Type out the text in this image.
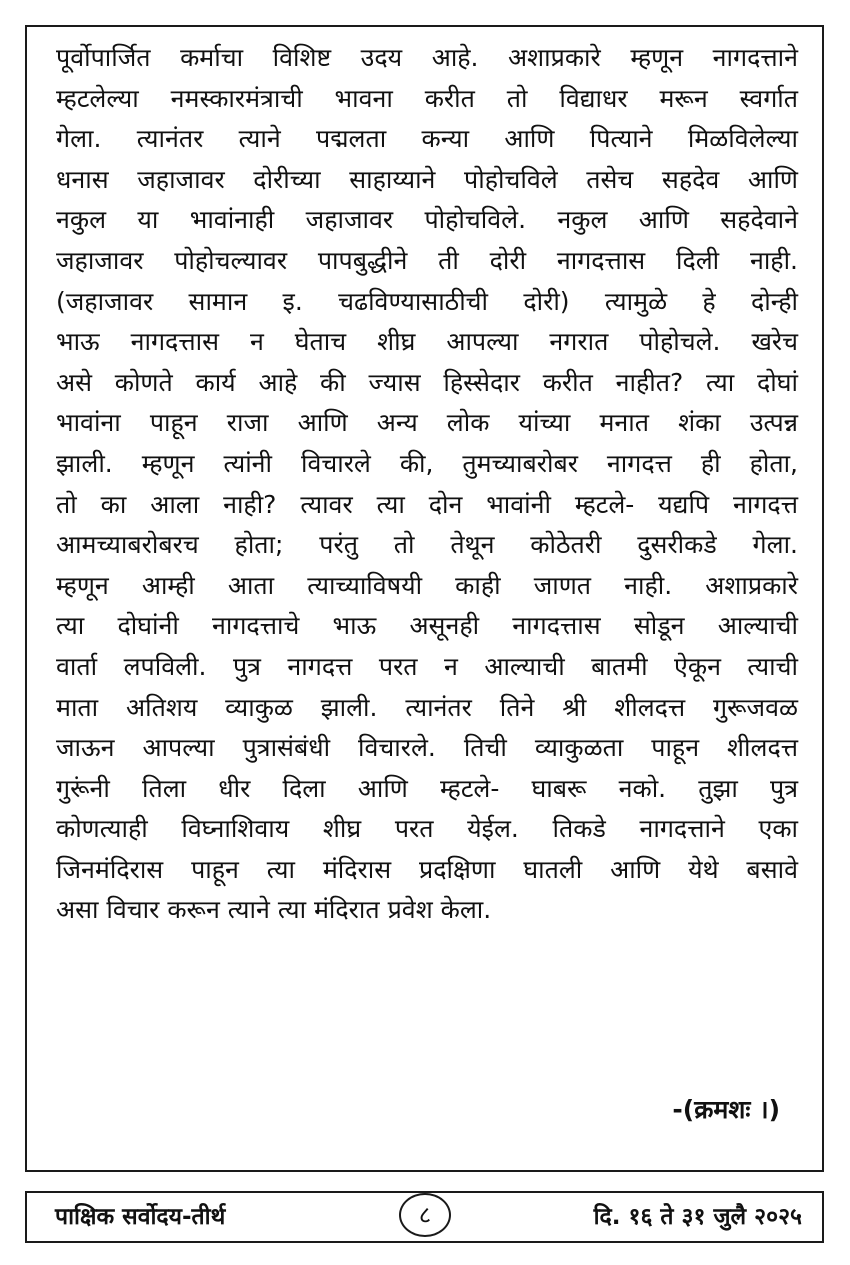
पूर्वोपार्जित कर्माचा विशिष्ट उदय आहे. अशाप्रकारे म्हणून नागदत्ताने
म्हटलेल्या नमस्कारमंत्राची भावना करीत तो विद्याधर मरून स्वर्गात
गेला. त्यानंतर त्याने पद्मलता कन्या आणि पित्याने मिळविलेल्या
धनास जहाजावर दोरीच्या साहाय्याने पोहोचविले तसेच सहदेव आणि
नकुल या भावांनाही जहाजावर पोहोचविले. नकुल आणि सहदेवाने
जहाजावर पोहोचल्यावर पापबुद्धीने ती दोरी नागदत्तास दिली नाही.
(जहाजावर सामान इ. चढविण्यासाठीची दोरी) त्यामुळे हे दोन्ही
भाऊ नागदत्तास न घेताच शीघ्र आपल्या नगरात पोहोचले. खरेच
असे कोणते कार्य आहे की ज्यास हिस्सेदार करीत नाहीत? त्या दोघां
भावांना पाहून राजा आणि अन्य लोक यांच्या मनात शंका उत्पन्न
झाली. म्हणून त्यांनी विचारले की, तुमच्याबरोबर नागदत्त ही होता,
तो का आला नाही? त्यावर त्या दोन भावांनी म्हटले- यद्यपि नागदत्त
आमच्याबरोबरच होता; परंतु तो तेथून कोठेतरी दुसरीकडे गेला.
म्हणून आम्ही आता त्याच्याविषयी काही जाणत नाही. अशाप्रकारे
त्या दोघांनी नागदत्ताचे भाऊ असूनही नागदत्तास सोडून आल्याची
वार्ता लपविली. पुत्र नागदत्त परत न आल्याची बातमी ऐकून त्याची
माता अतिशय व्याकुळ झाली. त्यानंतर तिने श्री शीलदत्त गुरूजवळ
जाऊन आपल्या पुत्रासंबंधी विचारले. तिची व्याकुळता पाहून शीलदत्त
गुरूंनी तिला धीर दिला आणि म्हटले- घाबरू नको. तुझा पुत्र
कोणत्याही विघ्नाशिवाय शीघ्र परत येईल. तिकडे नागदत्ताने एका
जिनमंदिरास पाहून त्या मंदिरास प्रदक्षिणा घातली आणि येथे बसावे
असा विचार करून त्याने त्या मंदिरात प्रवेश केला.
-(क्रमशः ।)
पाक्षिक सर्वोदय-तीर्थ	८	दि. १६ ते ३१ जुलै २०२५
